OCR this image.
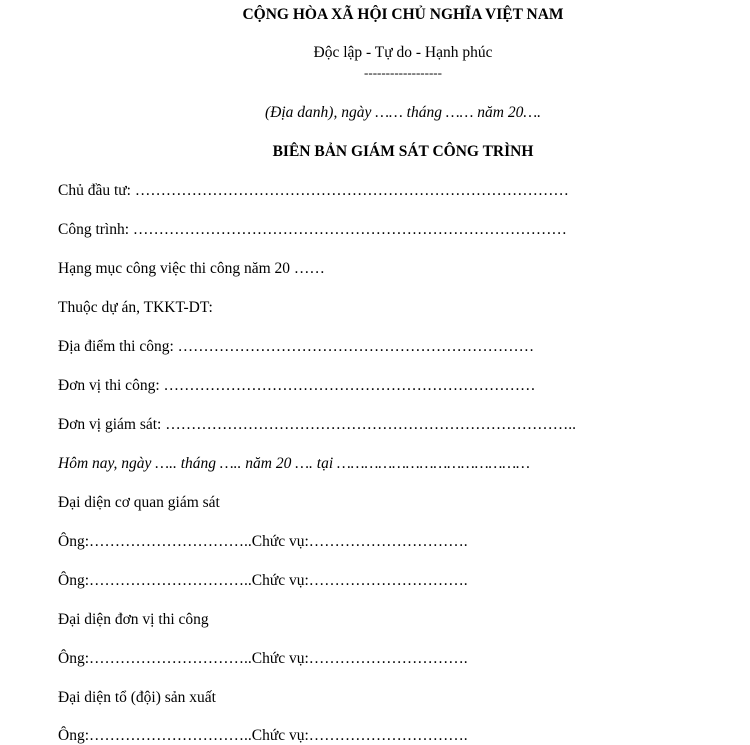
CỘNG HÒA XÃ HỘI CHỦ NGHĨA VIỆT NAM
Độc lập - Tự do - Hạnh phúc
------------------
(Địa danh), ngày …… tháng …… năm 20….
BIÊN BẢN GIÁM SÁT CÔNG TRÌNH
Chủ đầu tư: …………………………………………………………………………
Công trình: …………………………………………………………………………
Hạng mục công việc thi công năm 20 ……
Thuộc dự án, TKKT-DT:
Địa điểm thi công: ……………………………………………………………
Đơn vị thi công: ………………………………………………………………
Đơn vị giám sát: ……………………………………………………………………..
Hôm nay, ngày ….. tháng ….. năm 20 …. tại ……………………………………
Đại diện cơ quan giám sát
Ông:…………………………..Chức vụ:………………………….
Ông:…………………………..Chức vụ:………………………….
Đại diện đơn vị thi công
Ông:…………………………..Chức vụ:………………………….
Đại diện tổ (đội) sản xuất
Ông:…………………………..Chức vụ:………………………….
